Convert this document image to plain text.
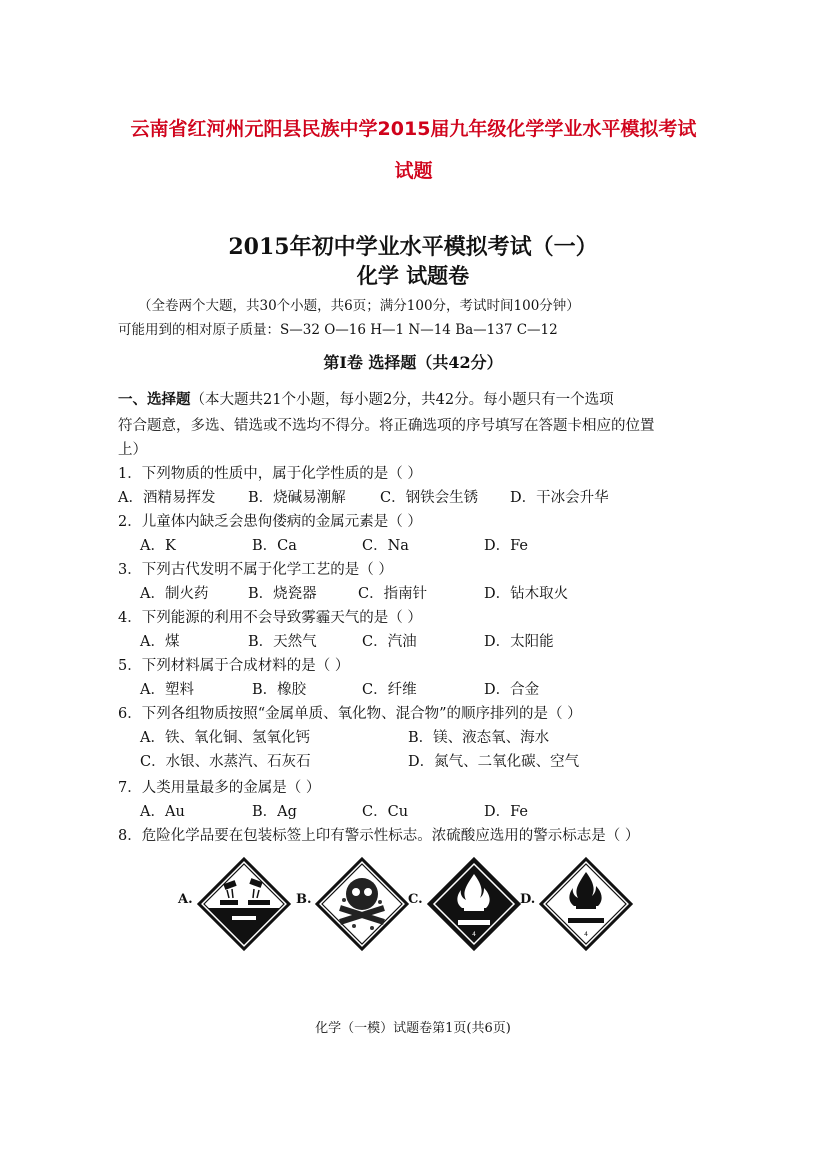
云南省红河州元阳县民族中学2015届九年级化学学业水平模拟考试
试题
2015年初中学业水平模拟考试（一）
化学 试题卷
（全卷两个大题，共30个小题，共6页；满分100分，考试时间100分钟）
可能用到的相对原子质量：S—32 O—16 H—1 N—14 Ba—137 C—12
第Ⅰ卷 选择题（共42分）
一、选择题（本大题共21个小题，每小题2分，共42分。每小题只有一个选项
符合题意，多选、错选或不选均不得分。将正确选项的序号填写在答题卡相应的位置
上）
1．下列物质的性质中，属于化学性质的是（ ）
A．酒精易挥发 B．烧碱易潮解 C．钢铁会生锈 D．干冰会升华
2．儿童体内缺乏会患佝偻病的金属元素是（ ）
A．K	B．Ca	C．Na	D．Fe
3．下列古代发明不属于化学工艺的是（ ）
A．制火药	B．烧瓷器	C．指南针	D．钻木取火
4．下列能源的利用不会导致雾霾天气的是（ ）
A．煤	B．天然气	C．汽油	D．太阳能
5．下列材料属于合成材料的是（ ）
A．塑料	B．橡胶	C．纤维	D．合金
6．下列各组物质按照“金属单质、氧化物、混合物”的顺序排列的是（ ）
A．铁、氧化铜、氢氧化钙	B．镁、液态氧、海水
C．水银、水蒸汽、石灰石	D．氮气、二氧化碳、空气
7．人类用量最多的金属是（ ）
A．Au	B．Ag	C．Cu	D．Fe
8．危险化学品要在包装标签上印有警示性标志。浓硫酸应选用的警示标志是（ ）
A.	B.	C.
4
D.
4
化学（一模）试题卷第1页(共6页)
